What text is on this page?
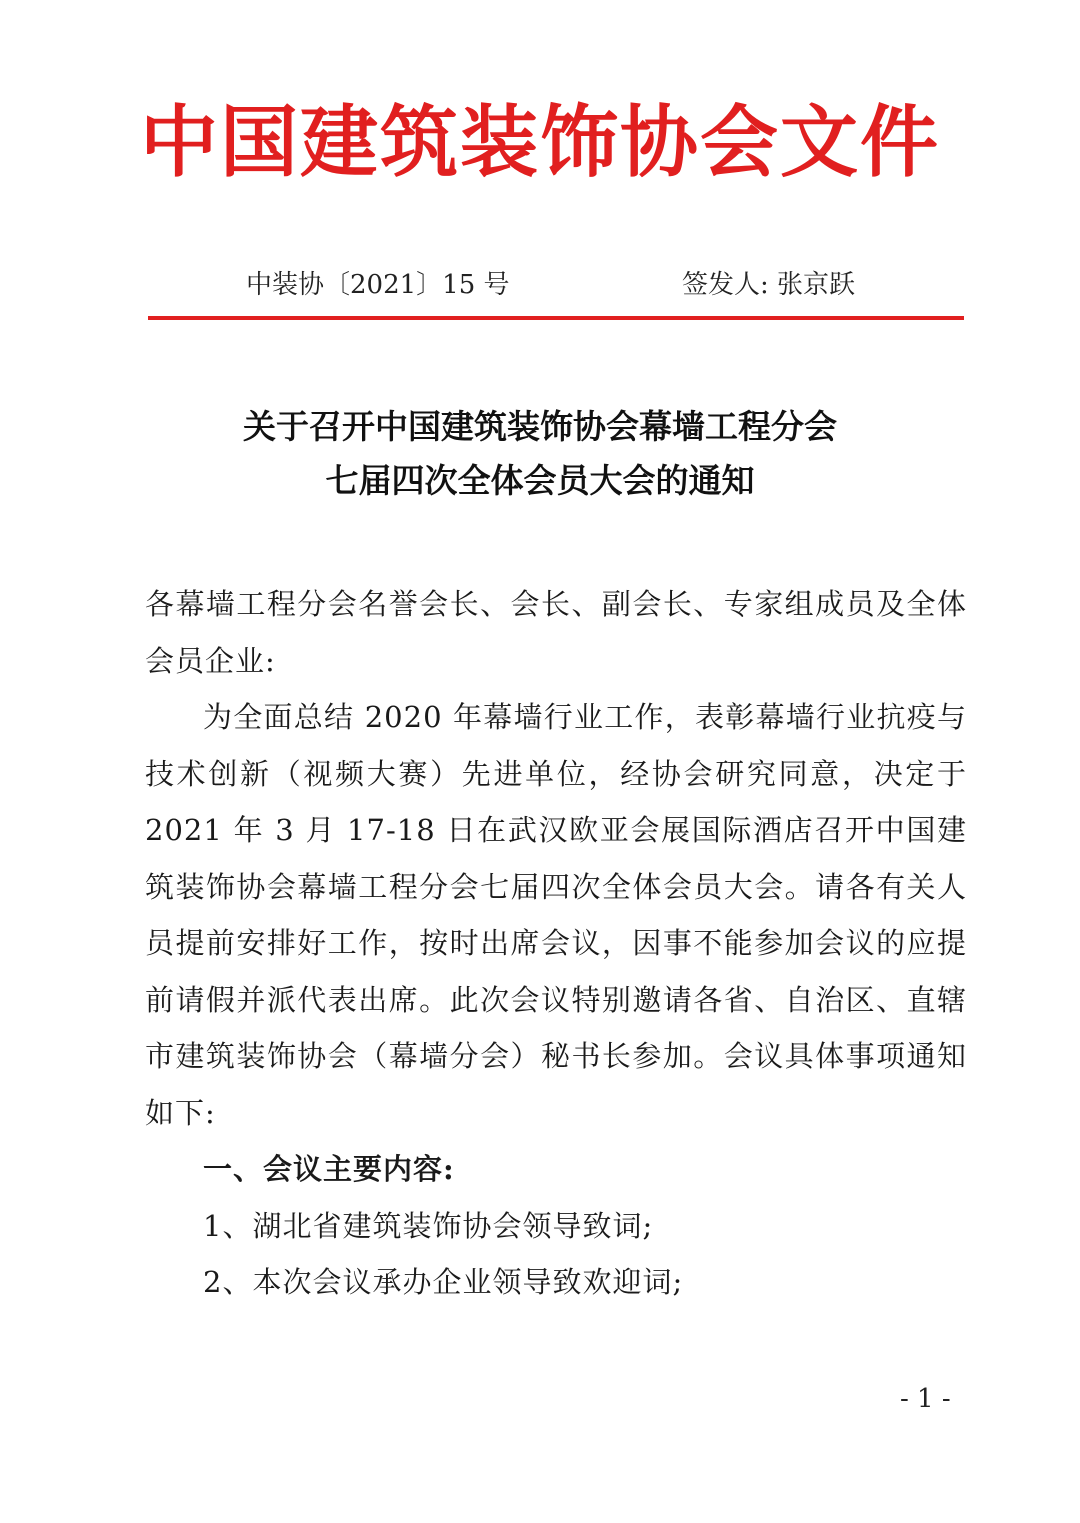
中国建筑装饰协会文件
中装协〔2021〕15 号	签发人: 张京跃
关于召开中国建筑装饰协会幕墙工程分会
七届四次全体会员大会的通知

各幕墙工程分会名誉会长、会长、副会长、专家组成员及全体会员企业:

为全面总结 2020 年幕墙行业工作，表彰幕墙行业抗疫与技术创新（视频大赛）先进单位，经协会研究同意，决定于 2021 年 3 月 17-18 日在武汉欧亚会展国际酒店召开中国建筑装饰协会幕墙工程分会七届四次全体会员大会。请各有关人员提前安排好工作，按时出席会议，因事不能参加会议的应提前请假并派代表出席。此次会议特别邀请各省、自治区、直辖市建筑装饰协会（幕墙分会）秘书长参加。会议具体事项通知如下:

一、会议主要内容:

1、湖北省建筑装饰协会领导致词;

2、本次会议承办企业领导致欢迎词;

- 1 -
